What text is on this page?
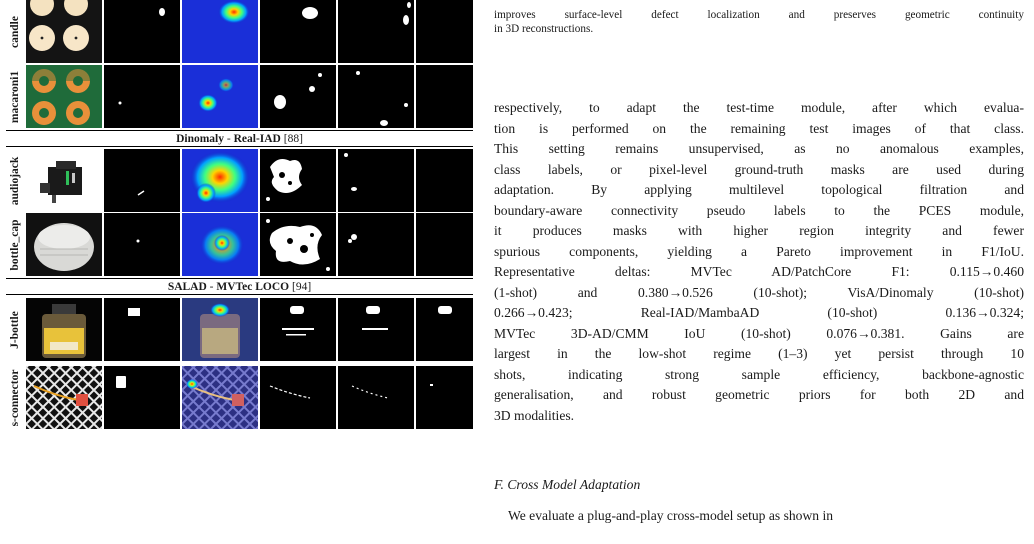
candle
macaroni1
Dinomaly - Real-IAD [88]
audiojack
bottle_cap
SALAD - MVTec LOCO [94]
J-bottle
s-connector

improves surface-level defect localization and preserves geometric continuity

in 3D reconstructions.

respectively, to adapt the test-time module, after which evalua-
tion is performed on the remaining test images of that class.
This setting remains unsupervised, as no anomalous examples,
class labels, or pixel-level ground-truth masks are used during
adaptation. By applying multilevel topological filtration and
boundary-aware connectivity pseudo labels to the PCES module,
it produces masks with higher region integrity and fewer
spurious components, yielding a Pareto improvement in F1/IoU.
Representative deltas: MVTec AD/PatchCore F1: 0.115→0.460
(1-shot) and 0.380→0.526 (10-shot); VisA/Dinomaly (10-shot)
0.266→0.423; Real-IAD/MambaAD (10-shot) 0.136→0.324;
MVTec 3D-AD/CMM IoU (10-shot) 0.076→0.381. Gains are
largest in the low-shot regime (1–3) yet persist through 10
shots, indicating strong sample efficiency, backbone-agnostic
generalisation, and robust geometric priors for both 2D and
3D modalities.
F. Cross Model Adaptation
We evaluate a plug-and-play cross-model setup as shown in
